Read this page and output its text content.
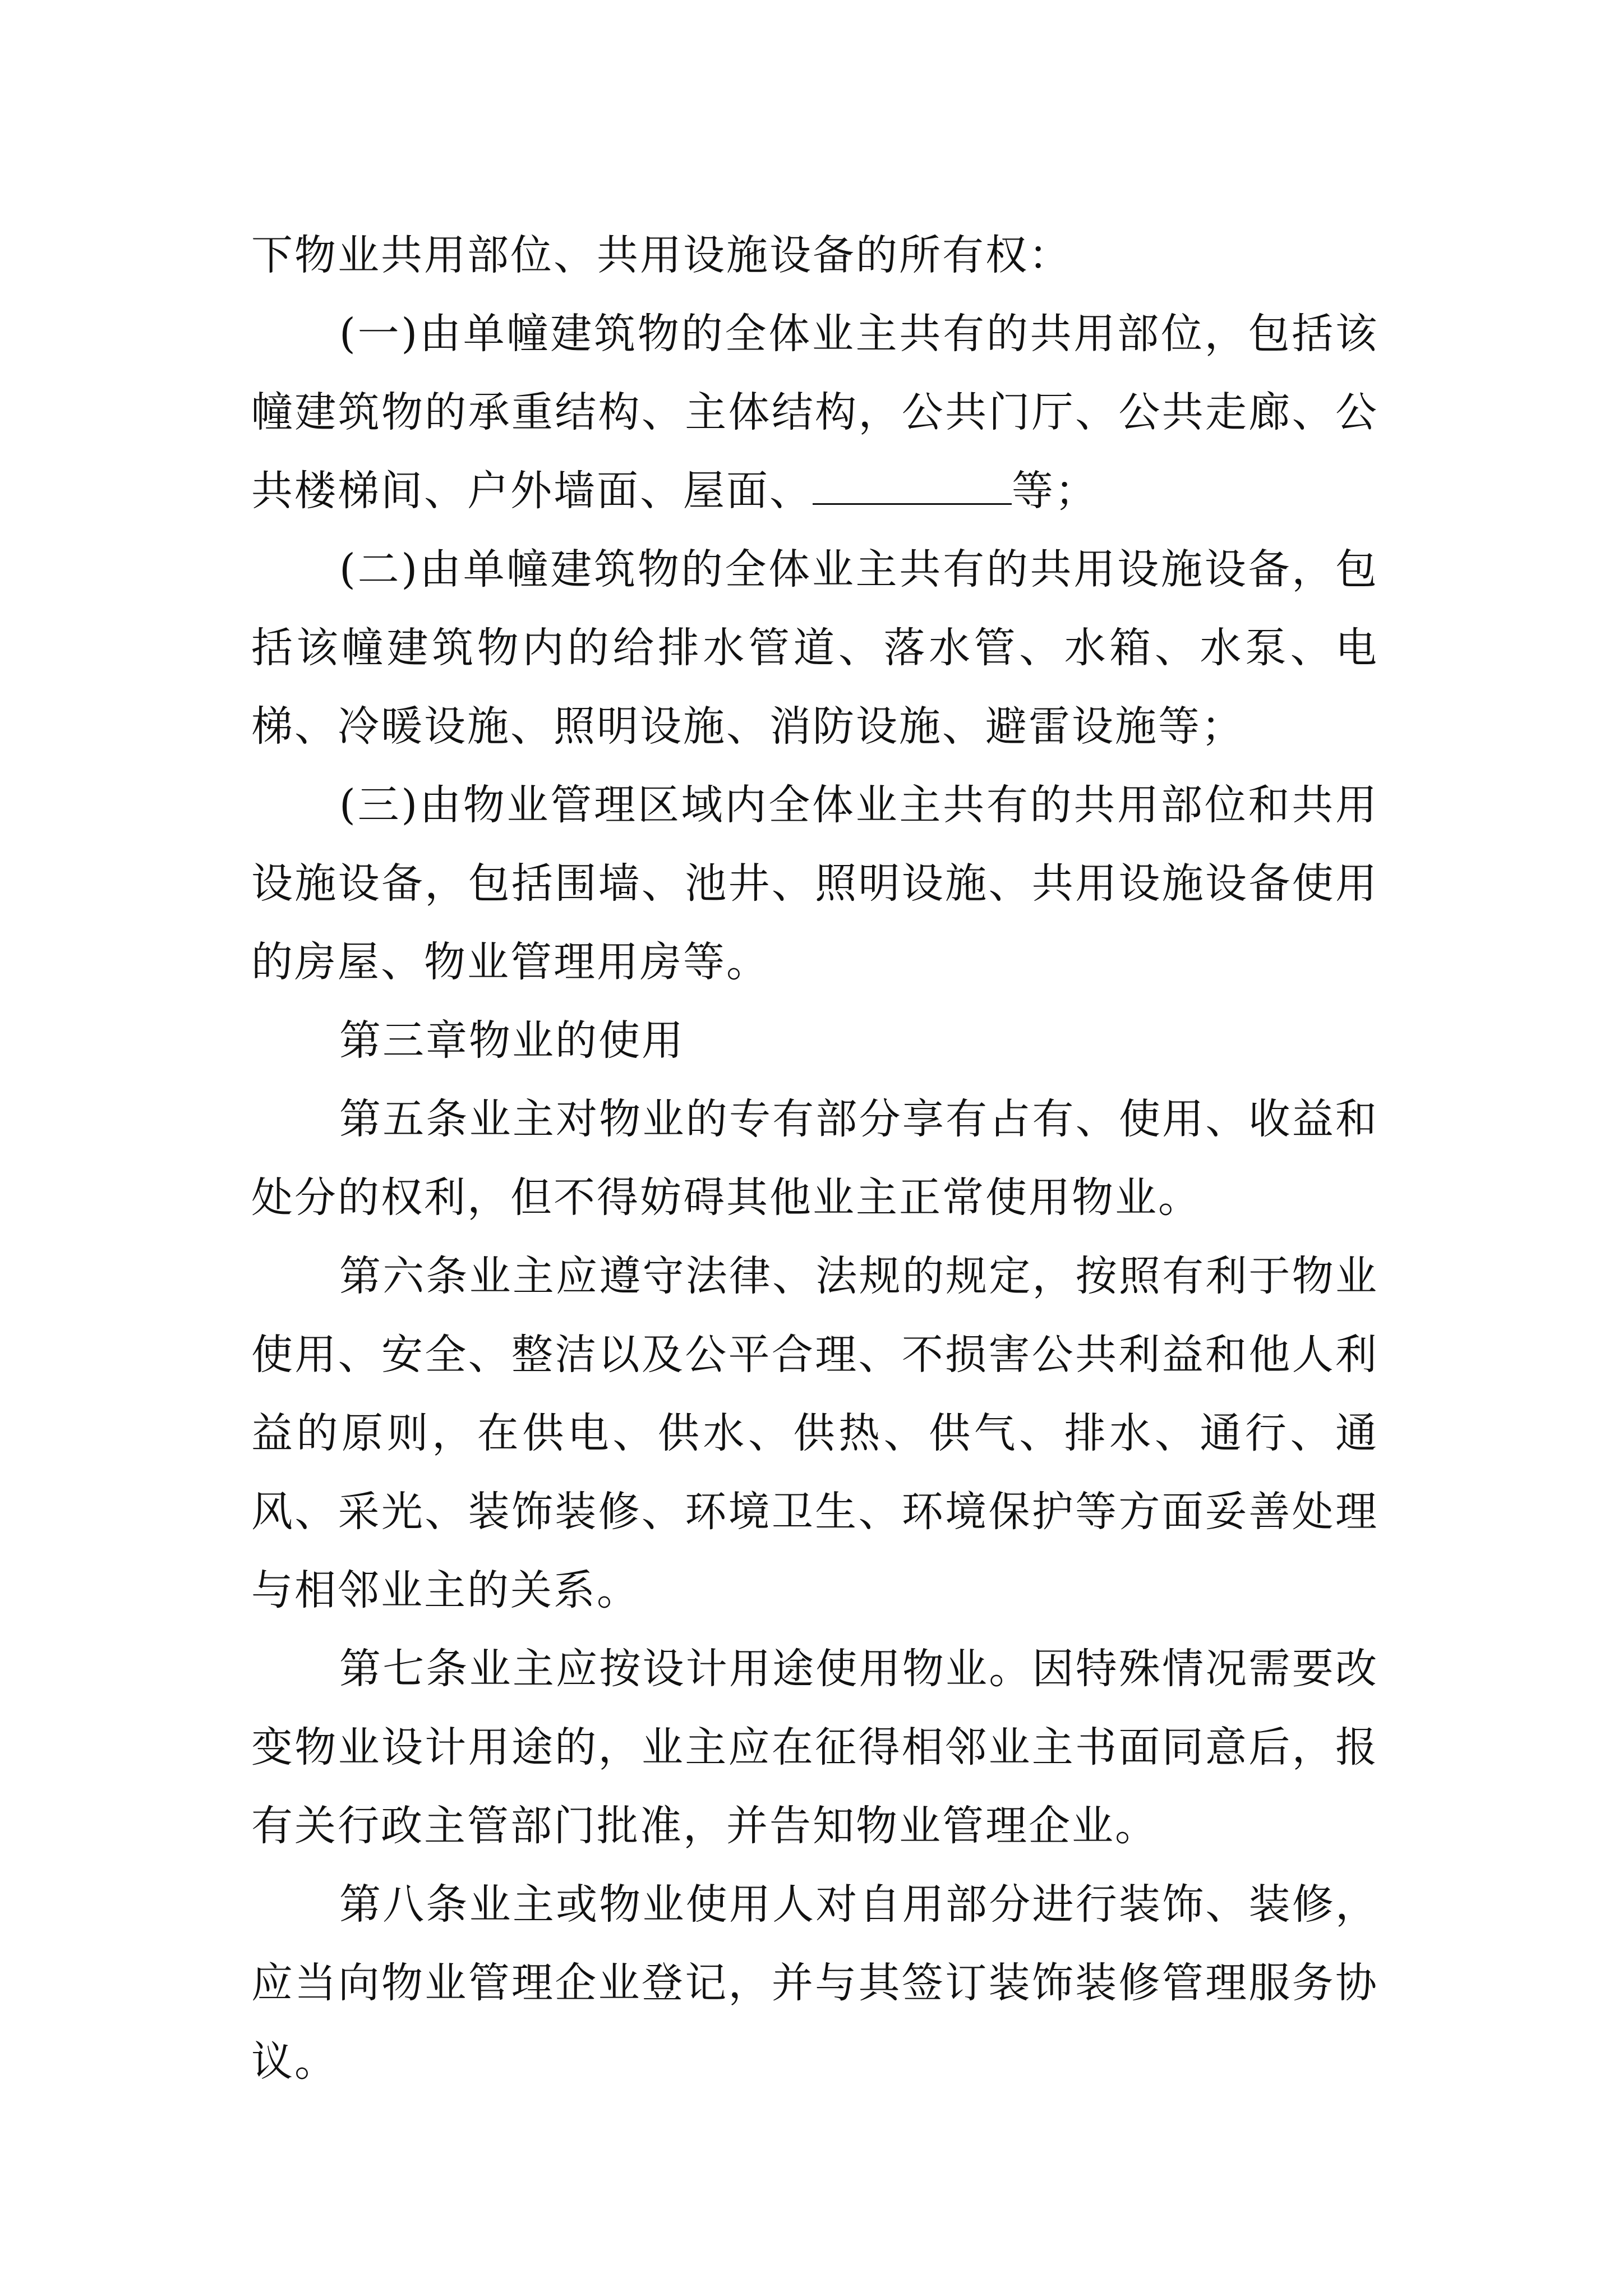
下物业共用部位、共用设施设备的所有权：

(一)由单幢建筑物的全体业主共有的共用部位，包括该幢建筑物的承重结构、主体结构，公共门厅、公共走廊、公共楼梯间、户外墙面、屋面、	等；

(二)由单幢建筑物的全体业主共有的共用设施设备，包括该幢建筑物内的给排水管道、落水管、水箱、水泵、电梯、冷暖设施、照明设施、消防设施、避雷设施等；

(三)由物业管理区域内全体业主共有的共用部位和共用设施设备，包括围墙、池井、照明设施、共用设施设备使用的房屋、物业管理用房等。

第三章物业的使用

第五条业主对物业的专有部分享有占有、使用、收益和处分的权利，但不得妨碍其他业主正常使用物业。

第六条业主应遵守法律、法规的规定，按照有利于物业使用、安全、整洁以及公平合理、不损害公共利益和他人利益的原则，在供电、供水、供热、供气、排水、通行、通风、采光、装饰装修、环境卫生、环境保护等方面妥善处理与相邻业主的关系。

第七条业主应按设计用途使用物业。因特殊情况需要改变物业设计用途的，业主应在征得相邻业主书面同意后，报有关行政主管部门批准，并告知物业管理企业。

第八条业主或物业使用人对自用部分进行装饰、装修，应当向物业管理企业登记，并与其签订装饰装修管理服务协议。
